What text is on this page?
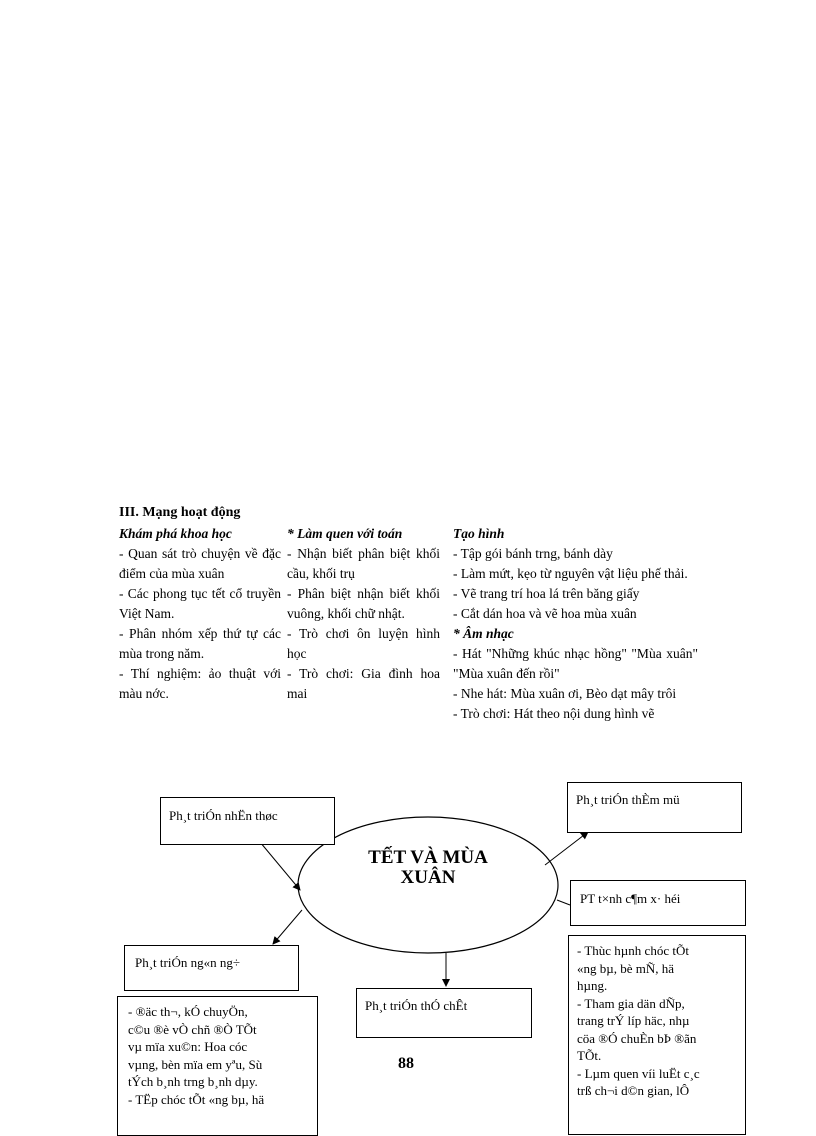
III. Mạng hoạt động
Khám phá khoa học
- Quan sát trò chuyện về đặc điểm của mùa xuân
- Các phong tục tết cổ truyền Việt Nam.
- Phân nhóm xếp thứ tự các mùa trong năm.
- Thí nghiệm: ảo thuật với màu nớc.
* Làm quen với toán
- Nhận biết phân biệt khối cầu, khối trụ
- Phân biệt nhận biết khối vuông, khối chữ nhật.
- Trò chơi ôn luyện hình học
- Trò chơi: Gia đình hoa mai
Tạo hình
- Tập gói bánh trng, bánh dày
- Làm mứt, kẹo từ nguyên vật liệu phế thải.
- Vẽ trang trí hoa lá trên băng giấy
- Cắt dán hoa và vẽ hoa mùa xuân
* Âm nhạc
- Hát "Những khúc nhạc hồng" "Mùa xuân" "Mùa xuân đến rồi"
- Nhe hát: Mùa xuân ơi, Bèo dạt mây trôi
- Trò chơi: Hát theo nội dung hình vẽ
TẾT VÀ MÙA
XUÂN
Ph¸t triÓn nhËn thøc
Ph¸t triÓn thÈm mü
PT t×nh c¶m x· héi
Ph¸t triÓn ng«n ng÷
Ph¸t triÓn thÓ chÊt
- Thùc hµnh chóc tÕt
«ng bµ, bè mÑ, hä
hµng.
- Tham gia dän dÑp,
trang trÝ líp häc, nhµ
cöa ®Ó chuÈn bÞ ®ãn
TÕt.
- Lµm quen víi luËt c¸c
trß ch¬i d©n gian, lÔ
- ®äc th¬, kÓ chuyÖn,
c©u ®è vÒ chñ ®Ò TÕt
vµ mïa xu©n: Hoa cóc
vµng, bèn mïa em yªu, Sù
tÝch b¸nh trng b¸nh dµy.
- TËp chóc tÕt «ng bµ, hä
88
